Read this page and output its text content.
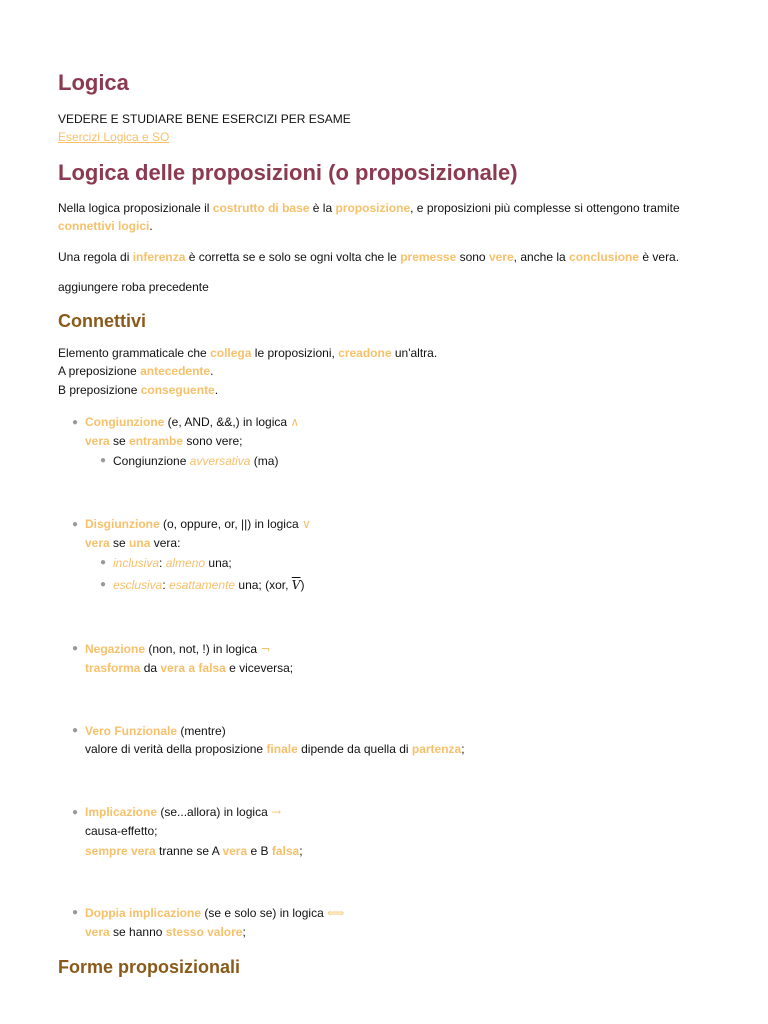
Logica
VEDERE E STUDIARE BENE ESERCIZI PER ESAME
Esercizi Logica e SO
Logica delle proposizioni (o proposizionale)
Nella logica proposizionale il costrutto di base è la proposizione, e proposizioni più complesse si ottengono tramite
connettivi logici.
Una regola di inferenza è corretta se e solo se ogni volta che le premesse sono vere, anche la conclusione è vera.
aggiungere roba precedente
Connettivi
Elemento grammaticale che collega le proposizioni, creadone un'altra.
A preposizione antecedente.
B preposizione conseguente.
● Congiunzione (e, AND, &&,) in logica ∧
vera se entrambe sono vere;
● Congiunzione avversativa (ma)
● Disgiunzione (o, oppure, or, ||) in logica ∨
vera se una vera:
● inclusiva: almeno una;
● esclusiva: esattamente una; (xor, $\overline{V}$)
● Negazione (non, not, !) in logica ¬
trasforma da vera a falsa e viceversa;
● Vero Funzionale (mentre)
valore di verità della proposizione finale dipende da quella di partenza;
● Implicazione (se...allora) in logica →
causa-effetto;
sempre vera tranne se A vera e B falsa;
● Doppia implicazione (se e solo se) in logica ⟺
vera se hanno stesso valore;
Forme proposizionali
